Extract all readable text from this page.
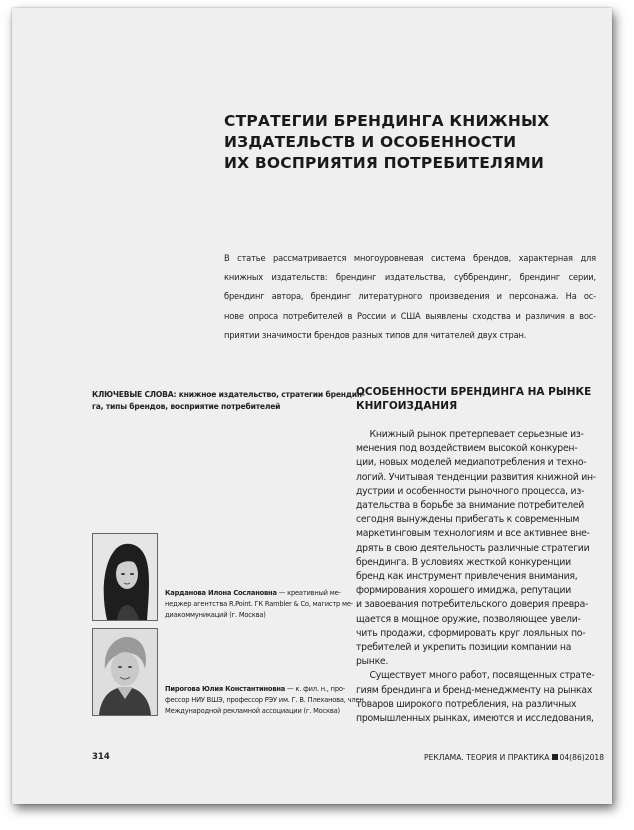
СТРАТЕГИИ БРЕНДИНГА КНИЖНЫХ
ИЗДАТЕЛЬСТВ И ОСОБЕННОСТИ
ИХ ВОСПРИЯТИЯ ПОТРЕБИТЕЛЯМИ
В статье рассматривается многоуровневая система брендов, характерная для
книжных издательств: брендинг издательства, суббрендинг, брендинг серии,
брендинг автора, брендинг литературного произведения и персонажа. На ос-
нове опроса потребителей в России и США выявлены сходства и различия в вос-
приятии значимости брендов разных типов для читателей двух стран.
КЛЮЧЕВЫЕ СЛОВА: книжное издательство, стратегии брендин-
га, типы брендов, восприятие потребителей
ОСОБЕННОСТИ БРЕНДИНГА НА РЫНКЕ
КНИГОИЗДАНИЯ
Книжный рынок претерпевает серьезные из-
менения под воздействием высокой конкурен-
ции, новых моделей медиапотребления и техно-
логий. Учитывая тенденции развития книжной ин-
дустрии и особенности рыночного процесса, из-
дательства в борьбе за внимание потребителей
сегодня вынуждены прибегать к современным
маркетинговым технологиям и все активнее вне-
дрять в свою деятельность различные стратегии
брендинга. В условиях жесткой конкуренции
бренд как инструмент привлечения внимания,
формирования хорошего имиджа, репутации
и завоевания потребительского доверия превра-
щается в мощное оружие, позволяющее увели-
чить продажи, сформировать круг лояльных по-
требителей и укрепить позиции компании на
рынке.
Существует много работ, посвященных страте-
гиям брендинга и бренд-менеджменту на рынках
товаров широкого потребления, на различных
промышленных рынках, имеются и исследования,
Карданова Илона Сослановна — креативный ме-
неджер агентства R.Point. ГК Rambler & Co, магистр ме-
диакоммуникаций (г. Москва)
Пирогова Юлия Константиновна — к. фил. н., про-
фессор НИУ ВШЭ, профессор РЭУ им. Г. В. Плеханова, член
Международной рекламной ассоциации (г. Москва)
314	РЕКЛАМА. ТЕОРИЯ И ПРАКТИКА 04(86)2018
